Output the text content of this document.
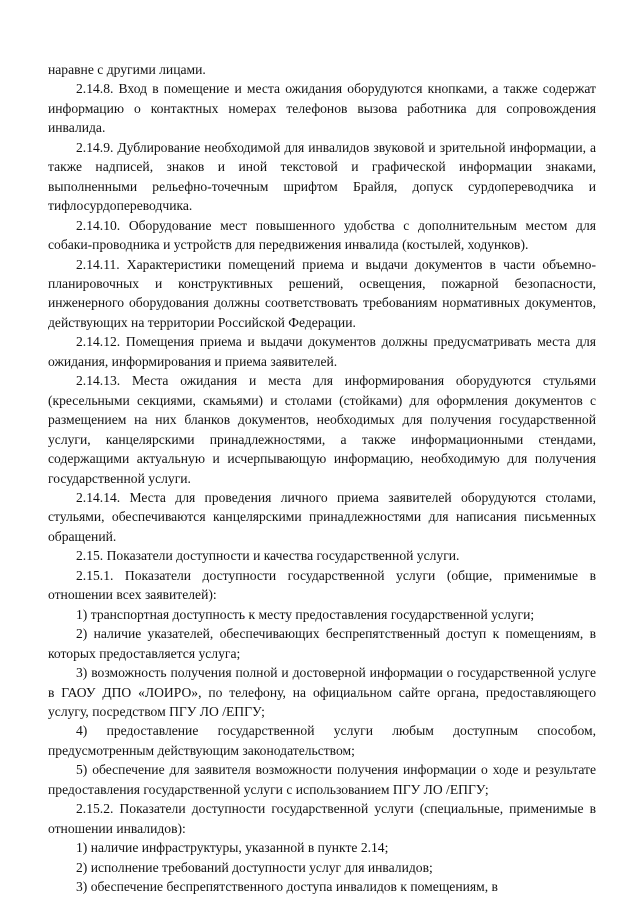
наравне с другими лицами.

2.14.8. Вход в помещение и места ожидания оборудуются кнопками, а также содержат информацию о контактных номерах телефонов вызова работника для сопровождения инвалида.

2.14.9. Дублирование необходимой для инвалидов звуковой и зрительной информации, а также надписей, знаков и иной текстовой и графической информации знаками, выполненными рельефно-точечным шрифтом Брайля, допуск сурдопереводчика и тифлосурдопереводчика.

2.14.10. Оборудование мест повышенного удобства с дополнительным местом для собаки-проводника и устройств для передвижения инвалида (костылей, ходунков).

2.14.11. Характеристики помещений приема и выдачи документов в части объемно-планировочных и конструктивных решений, освещения, пожарной безопасности, инженерного оборудования должны соответствовать требованиям нормативных документов, действующих на территории Российской Федерации.

2.14.12. Помещения приема и выдачи документов должны предусматривать места для ожидания, информирования и приема заявителей.

2.14.13. Места ожидания и места для информирования оборудуются стульями (кресельными секциями, скамьями) и столами (стойками) для оформления документов с размещением на них бланков документов, необходимых для получения государственной услуги, канцелярскими принадлежностями, а также информационными стендами, содержащими актуальную и исчерпывающую информацию, необходимую для получения государственной услуги.

2.14.14. Места для проведения личного приема заявителей оборудуются столами, стульями, обеспечиваются канцелярскими принадлежностями для написания письменных обращений.

2.15. Показатели доступности и качества государственной услуги.

2.15.1. Показатели доступности государственной услуги (общие, применимые в отношении всех заявителей):

1) транспортная доступность к месту предоставления государственной услуги;

2) наличие указателей, обеспечивающих беспрепятственный доступ к помещениям, в которых предоставляется услуга;

3) возможность получения полной и достоверной информации о государственной услуге в ГАОУ ДПО «ЛОИРО», по телефону, на официальном сайте органа, предоставляющего услугу, посредством ПГУ ЛО /ЕПГУ;

4) предоставление государственной услуги любым доступным способом, предусмотренным действующим законодательством;

5) обеспечение для заявителя возможности получения информации о ходе и результате предоставления государственной услуги с использованием ПГУ ЛО /ЕПГУ;

2.15.2. Показатели доступности государственной услуги (специальные, применимые в отношении инвалидов):

1) наличие инфраструктуры, указанной в пункте 2.14;

2) исполнение требований доступности услуг для инвалидов;

3) обеспечение беспрепятственного доступа инвалидов к помещениям, в
